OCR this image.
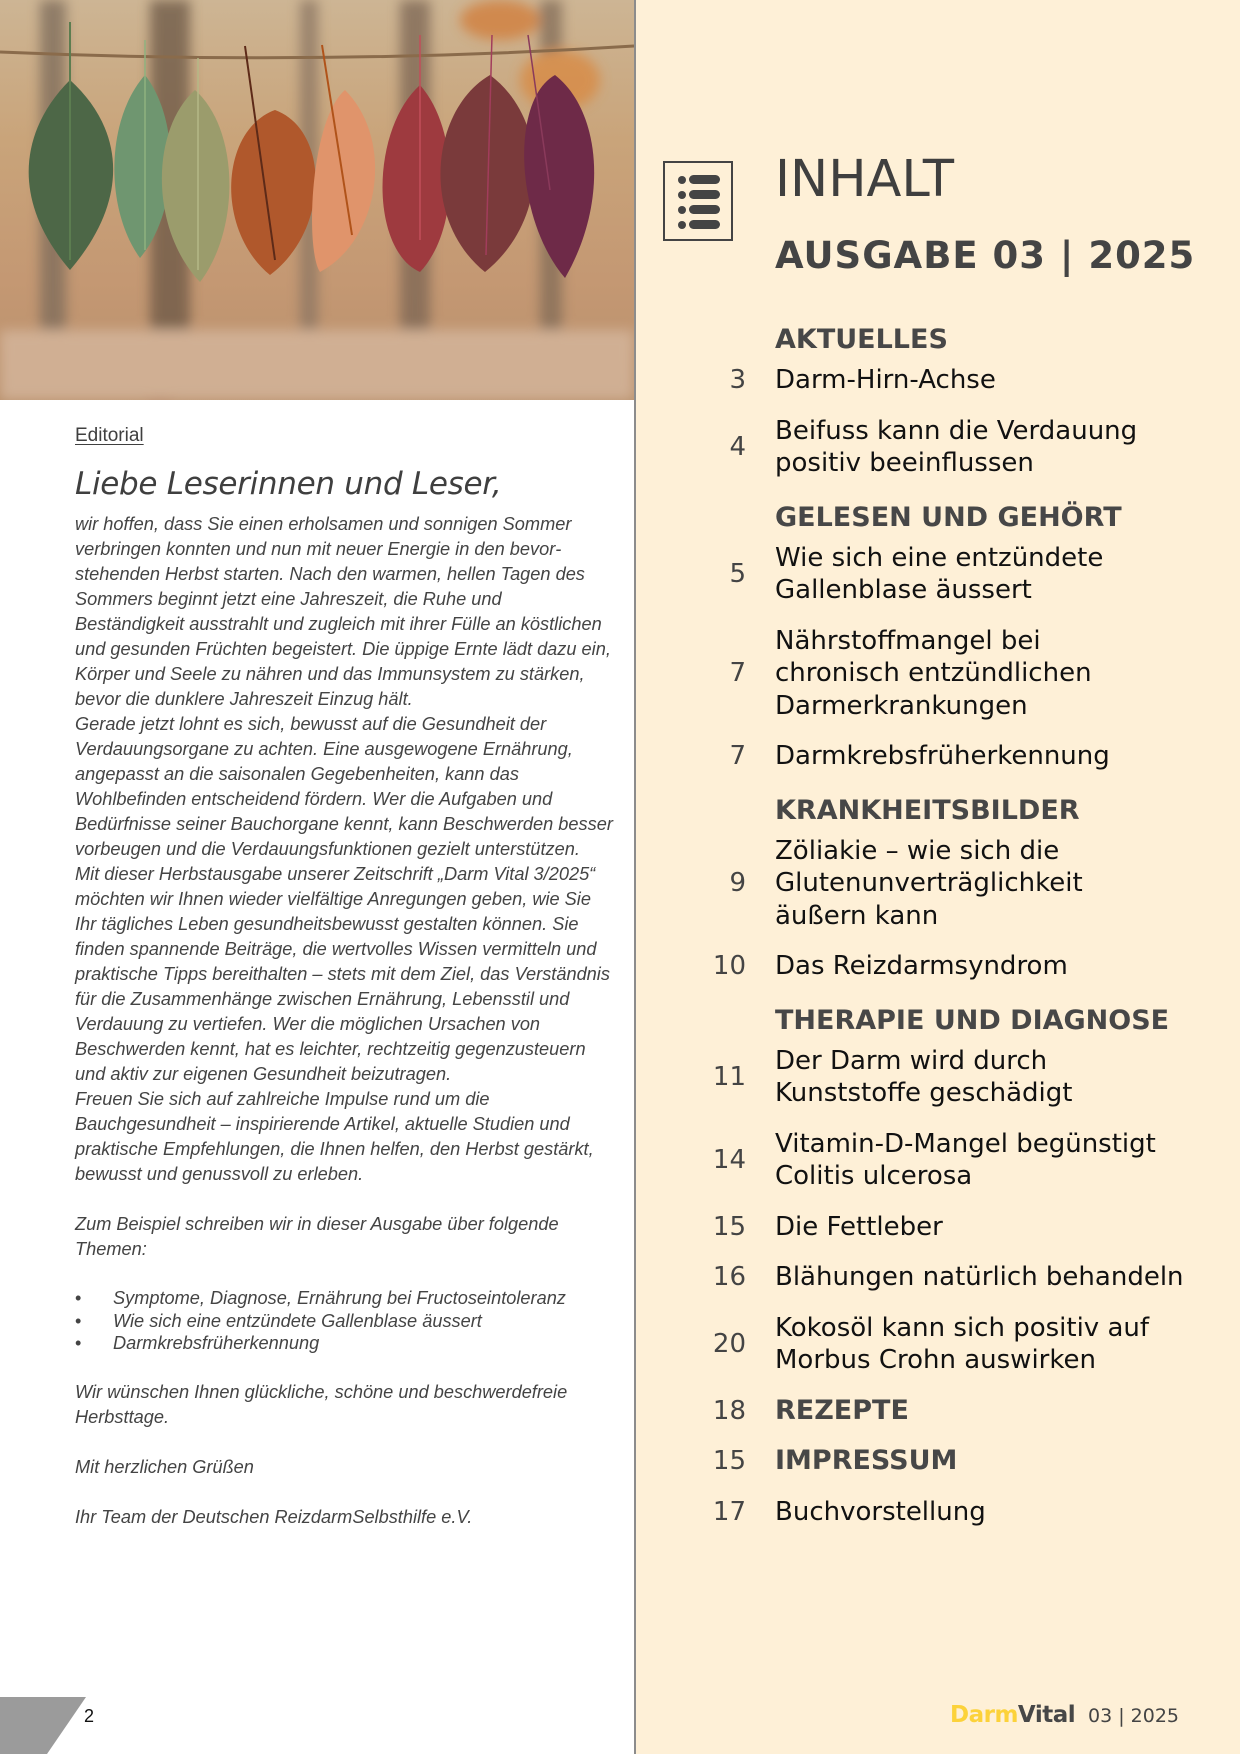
Editorial
Liebe Leserinnen und Leser,

wir hoffen, dass Sie einen erholsamen und sonnigen Sommer verbringen konnten und nun mit neuer Energie in den bevorstehenden Herbst starten. Nach den warmen, hellen Tagen des Sommers beginnt jetzt eine Jahreszeit, die Ruhe und Beständigkeit ausstrahlt und zugleich mit ihrer Fülle an köstlichen und gesunden Früchten begeistert. Die üppige Ernte lädt dazu ein, Körper und Seele zu nähren und das Immunsystem zu stärken, bevor die dunklere Jahreszeit Einzug hält.

Gerade jetzt lohnt es sich, bewusst auf die Gesundheit der Verdauungsorgane zu achten. Eine ausgewogene Ernährung, angepasst an die saisonalen Gegebenheiten, kann das Wohlbefinden entscheidend fördern. Wer die Aufgaben und Bedürfnisse seiner Bauchorgane kennt, kann Beschwerden besser vorbeugen und die Verdauungsfunktionen gezielt unterstützen.

Mit dieser Herbstausgabe unserer Zeitschrift „Darm Vital 3/2025“ möchten wir Ihnen wieder vielfältige Anregungen geben, wie Sie Ihr tägliches Leben gesundheitsbewusst gestalten können. Sie finden spannende Beiträge, die wertvolles Wissen vermitteln und praktische Tipps bereithalten – stets mit dem Ziel, das Verständnis für die Zusammenhänge zwischen Ernährung, Lebensstil und Verdauung zu vertiefen. Wer die möglichen Ursachen von Beschwerden kennt, hat es leichter, rechtzeitig gegenzusteuern und aktiv zur eigenen Gesundheit beizutragen.

Freuen Sie sich auf zahlreiche Impulse rund um die Bauchgesundheit – inspirierende Artikel, aktuelle Studien und praktische Empfehlungen, die Ihnen helfen, den Herbst gestärkt, bewusst und genussvoll zu erleben.

Zum Beispiel schreiben wir in dieser Ausgabe über folgende Themen:

• Symptome, Diagnose, Ernährung bei Fructoseintoleranz
• Wie sich eine entzündete Gallenblase äussert
• Darmkrebsfrüherkennung

Wir wünschen Ihnen glückliche, schöne und beschwerdefreie Herbsttage.

Mit herzlichen Grüßen

Ihr Team der Deutschen ReizdarmSelbsthilfe e.V.

2
INHALT
AUSGABE 03 | 2025
AKTUELLES
3 Darm-Hirn-Achse
4
Beifuss kann die Verdauung
positiv beeinflussen
GELESEN UND GEHÖRT
5
Wie sich eine entzündete
Gallenblase äussert
7
Nährstoffmangel bei
chronisch entzündlichen
Darmerkrankungen
7 Darmkrebsfrüherkennung
KRANKHEITSBILDER
9
Zöliakie – wie sich die
Glutenunverträglichkeit
äußern kann
10 Das Reizdarmsyndrom
THERAPIE UND DIAGNOSE
11
Der Darm wird durch
Kunststoffe geschädigt
14
Vitamin-D-Mangel begünstigt
Colitis ulcerosa
15 Die Fettleber
16 Blähungen natürlich behandeln
20
Kokosöl kann sich positiv auf
Morbus Crohn auswirken
18 REZEPTE
15 IMPRESSUM
17 Buchvorstellung
DarmVital 03 | 2025
